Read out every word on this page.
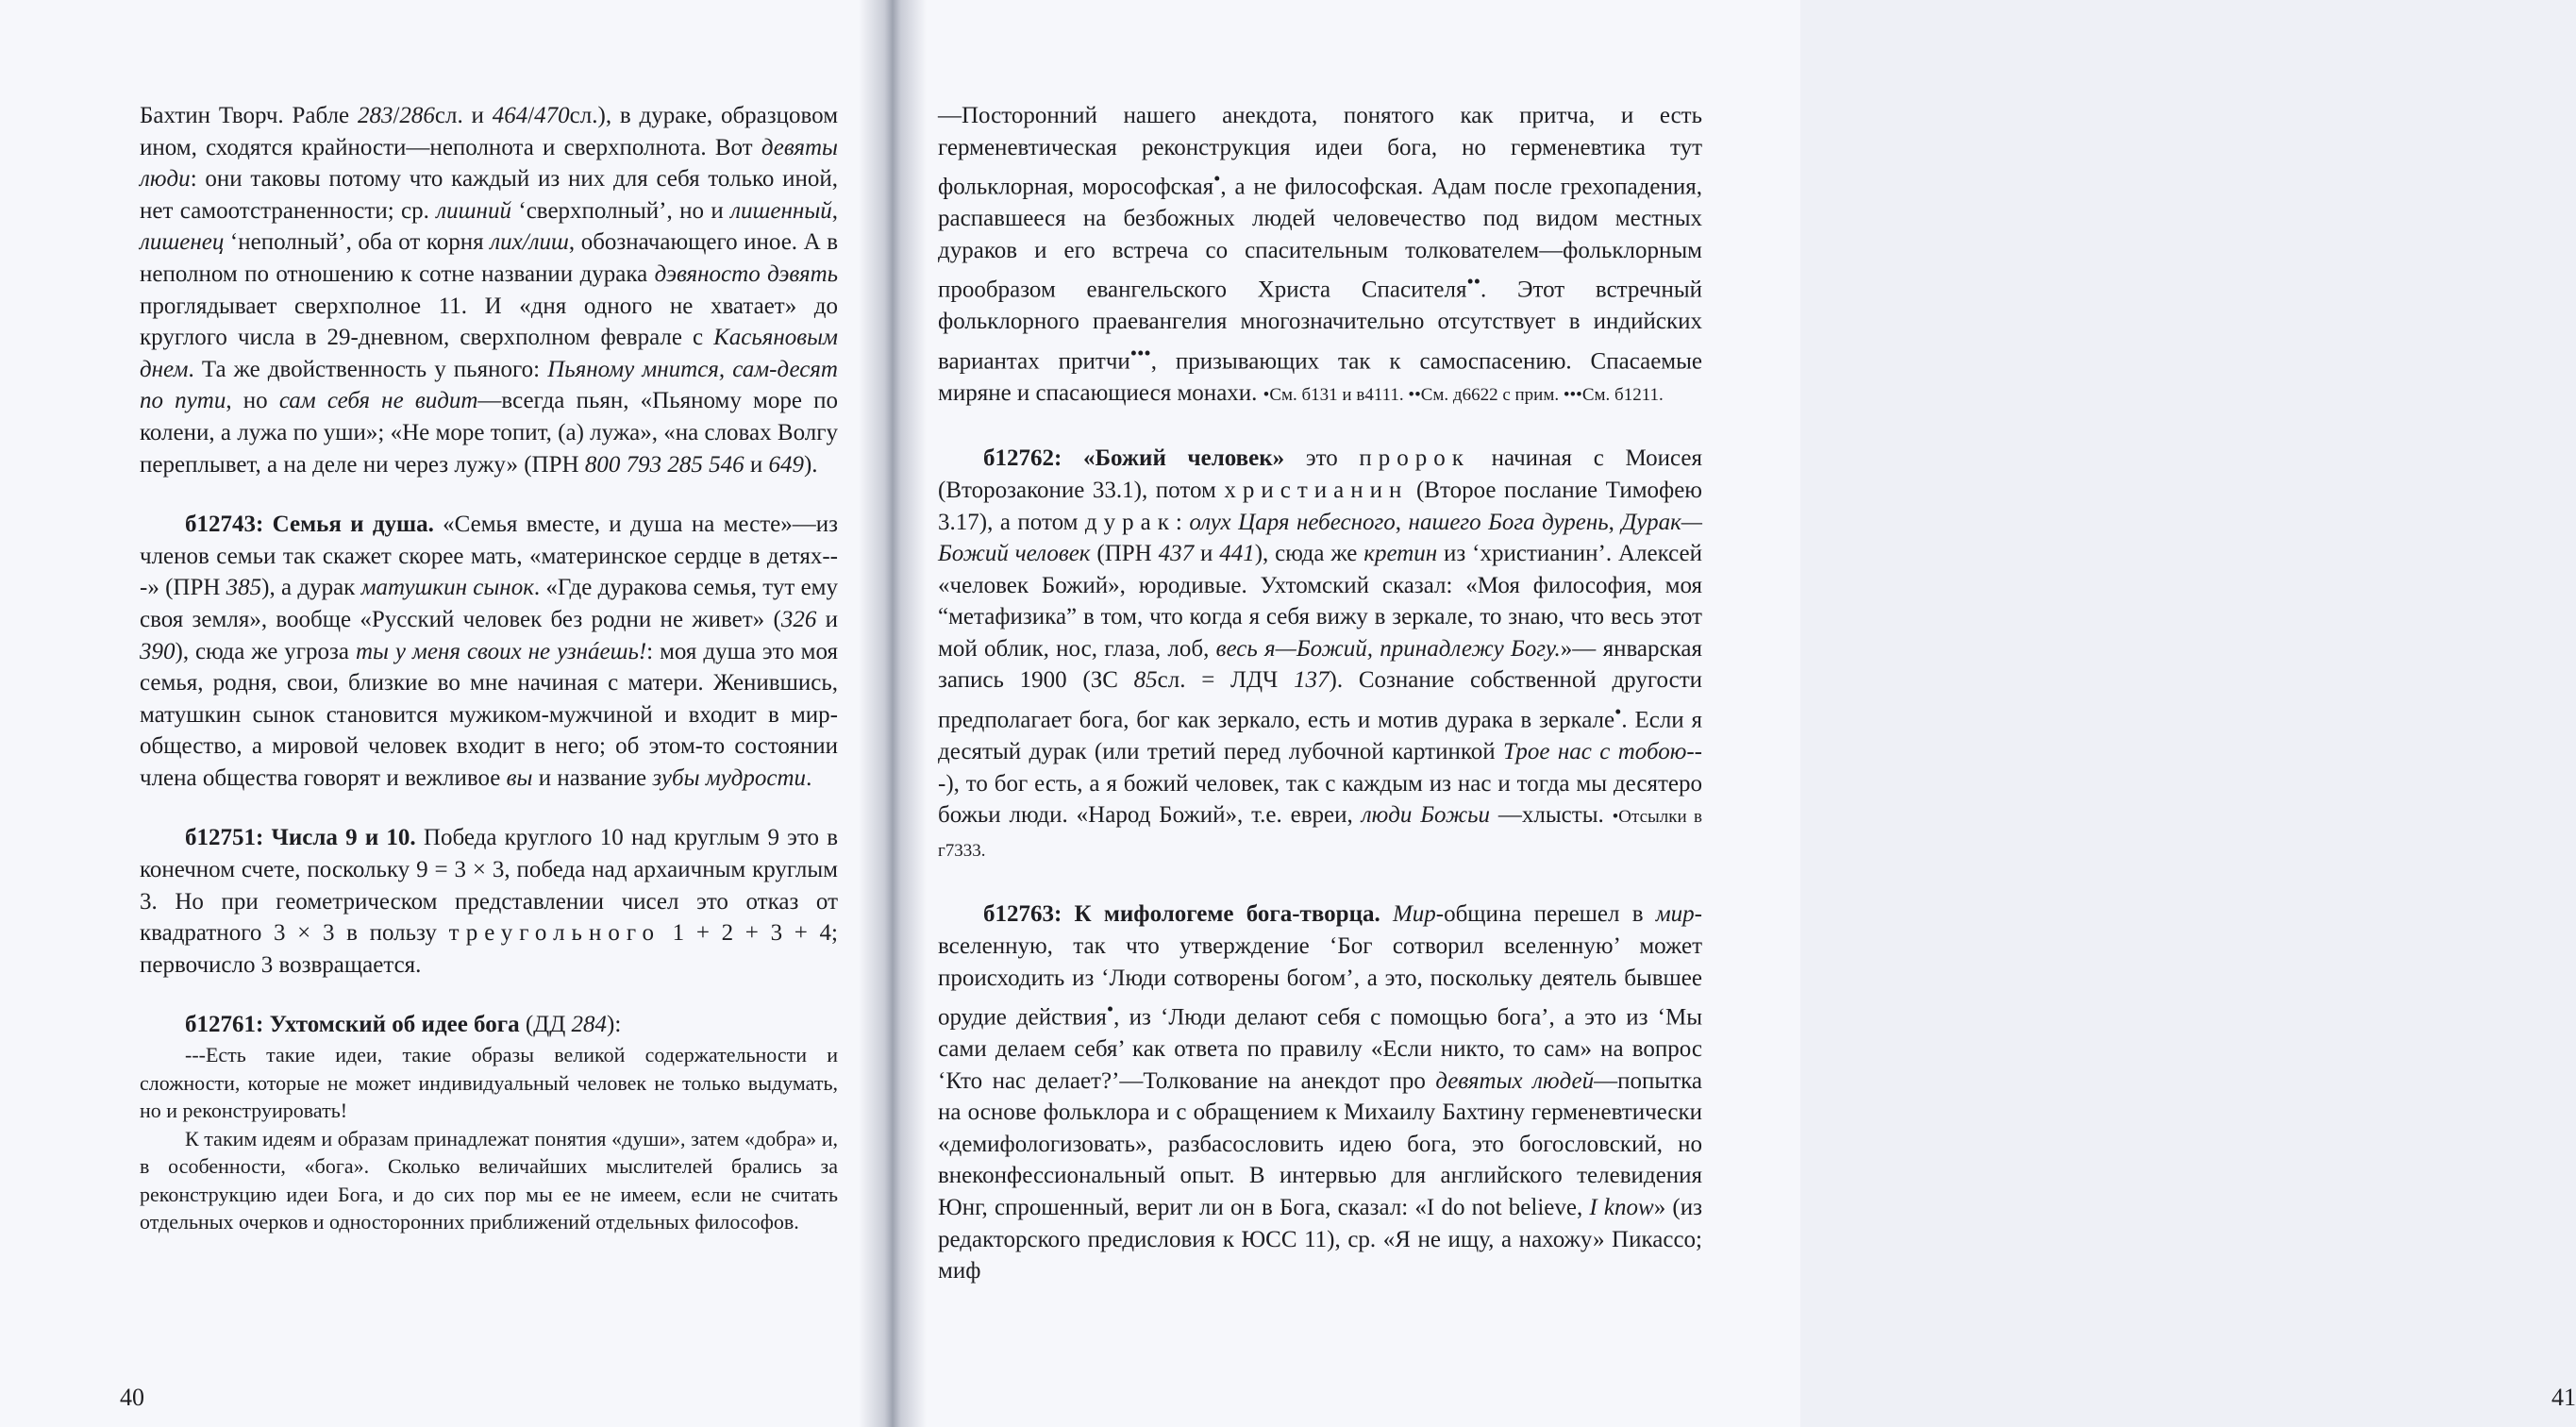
Бахтин Творч. Рабле 283/286сл. и 464/470сл.), в дураке, образцовом ином, сходятся крайности—неполнота и сверхполнота. Вот девяты люди: они таковы потому что каждый из них для себя только иной, нет самоотстраненности; ср. лишний ‘сверхполный’, но и лишенный, лишенец ‘неполный’, оба от корня лих/лиш, обозначающего иное. А в неполном по отношению к сотне названии дурака дэвяносто дэвять проглядывает сверхполное 11. И «дня одного не хватает» до круглого числа в 29-дневном, сверхполном феврале с Касьяновым днем. Та же двойственность у пьяного: Пьяному мнится, сам-десят по пути, но сам себя не видит—всегда пьян, «Пьяному море по колени, а лужа по уши»; «Не море топит, (а) лужа», «на словах Волгу переплывет, а на деле ни через лужу» (ПРН 800 793 285 546 и 649).

б12743: Семья и душа. «Семья вместе, и душа на месте»—из членов семьи так скажет скорее мать, «материнское сердце в детях---» (ПРН 385), а дурак матушкин сынок. «Где дуракова семья, тут ему своя земля», вообще «Русский человек без родни не живет» (326 и 390), сюда же угроза ты у меня своих не узнáешь!: моя душа это моя семья, родня, свои, близкие во мне начиная с матери. Женившись, матушкин сынок становится мужиком-мужчиной и входит в мир-общество, а мировой человек входит в него; об этом-то состоянии члена общества говорят и вежливое вы и название зубы мудрости.

б12751: Числа 9 и 10. Победа круглого 10 над круглым 9 это в конечном счете, поскольку 9 = 3 × 3, победа над архаичным круглым 3. Но при геометрическом представлении чисел это отказ от квадратного 3 × 3 в пользу треугольного 1 + 2 + 3 + 4; первочисло 3 возвращается.

б12761: Ухтомский об идее бога (ДД 284):

---Есть такие идеи, такие образы великой содержательности и сложности, которые не может индивидуальный человек не только выдумать, но и реконструировать!

К таким идеям и образам принадлежат понятия «души», затем «добра» и, в особенности, «бога». Сколько величайших мыслителей брались за реконструкцию идеи Бога, и до сих пор мы ее не имеем, если не считать отдельных очерков и односторонних приближений отдельных философов.

40

—Посторонний нашего анекдота, понятого как притча, и есть герменевтическая реконструкция идеи бога, но герменевтика тут фольклорная, морософская•, а не философская. Адам после грехопадения, распавшееся на безбожных людей человечество под видом местных дураков и его встреча со спасительным толкователем—фольклорным прообразом евангельского Христа Спасителя••. Этот встречный фольклорного праевангелия многозначительно отсутствует в индийских вариантах притчи•••, призывающих так к самоспасению. Спасаемые миряне и спасающиеся монахи. •См. б131 и в4111. ••См. д6622 с прим. •••См. б1211.

б12762: «Божий человек» это пророк начиная с Моисея (Второзаконие 33.1), потом христианин (Второе послание Тимофею 3.17), а потом дурак: олух Царя небесного, нашего Бога дурень, Дурак—Божий человек (ПРН 437 и 441), сюда же кретин из ‘христианин’. Алексей «человек Божий», юродивые. Ухтомский сказал: «Моя философия, моя “метафизика” в том, что когда я себя вижу в зеркале, то знаю, что весь этот мой облик, нос, глаза, лоб, весь я—Божий, принадлежу Богу.»— январская запись 1900 (ЗС 85сл. = ЛДЧ 137). Сознание собственной другости предполагает бога, бог как зеркало, есть и мотив дурака в зеркале•. Если я десятый дурак (или третий перед лубочной картинкой Трое нас с тобою---), то бог есть, а я божий человек, так с каждым из нас и тогда мы десятеро божьи люди. «Народ Божий», т.е. евреи, люди Божьи —хлысты. •Отсылки в г7333.

б12763: К мифологеме бога-творца. Мир-община перешел в мир-вселенную, так что утверждение ‘Бог сотворил вселенную’ может происходить из ‘Люди сотворены богом’, а это, поскольку деятель бывшее орудие действия•, из ‘Люди делают себя с помощью бога’, а это из ‘Мы сами делаем себя’ как ответа по правилу «Если никто, то сам» на вопрос ‘Кто нас делает?’—Толкование на анекдот про девятых людей—попытка на основе фольклора и с обращением к Михаилу Бахтину герменевтически «демифологизовать», разбасословить идею бога, это богословский, но внеконфессиональный опыт. В интервью для английского телевидения Юнг, спрошенный, верит ли он в Бога, сказал: «I do not believe, I know» (из редакторского предисловия к ЮСС 11), ср. «Я не ищу, а нахожу» Пикассо; миф

41
